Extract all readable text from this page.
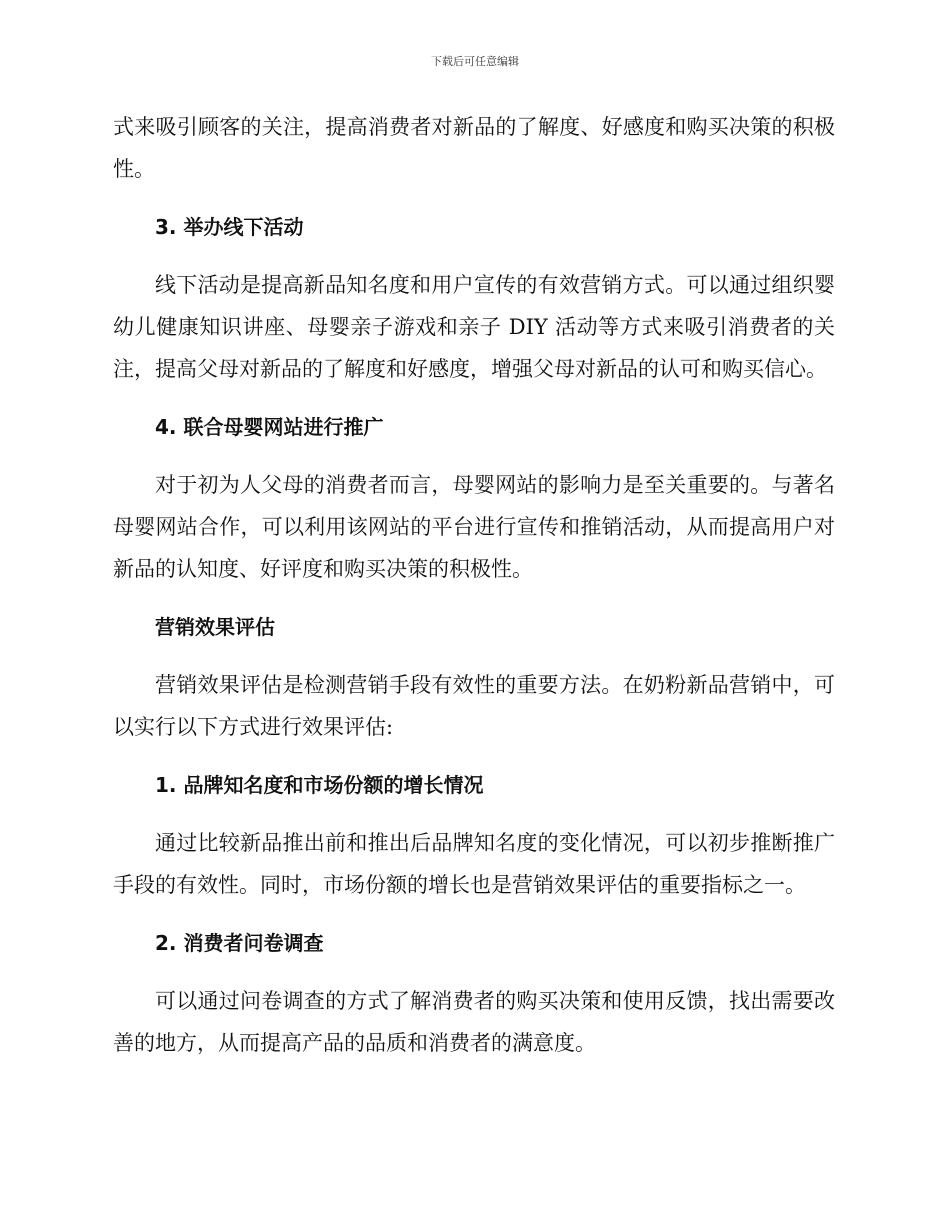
下载后可任意编辑

式来吸引顾客的关注，提高消费者对新品的了解度、好感度和购买决策的积极性。

3. 举办线下活动

线下活动是提高新品知名度和用户宣传的有效营销方式。可以通过组织婴幼儿健康知识讲座、母婴亲子游戏和亲子 DIY 活动等方式来吸引消费者的关注，提高父母对新品的了解度和好感度，增强父母对新品的认可和购买信心。

4. 联合母婴网站进行推广

对于初为人父母的消费者而言，母婴网站的影响力是至关重要的。与著名母婴网站合作，可以利用该网站的平台进行宣传和推销活动，从而提高用户对新品的认知度、好评度和购买决策的积极性。

营销效果评估

营销效果评估是检测营销手段有效性的重要方法。在奶粉新品营销中，可以实行以下方式进行效果评估:

1. 品牌知名度和市场份额的增长情况

通过比较新品推出前和推出后品牌知名度的变化情况，可以初步推断推广手段的有效性。同时，市场份额的增长也是营销效果评估的重要指标之一。

2. 消费者问卷调查

可以通过问卷调查的方式了解消费者的购买决策和使用反馈，找出需要改善的地方，从而提高产品的品质和消费者的满意度。
